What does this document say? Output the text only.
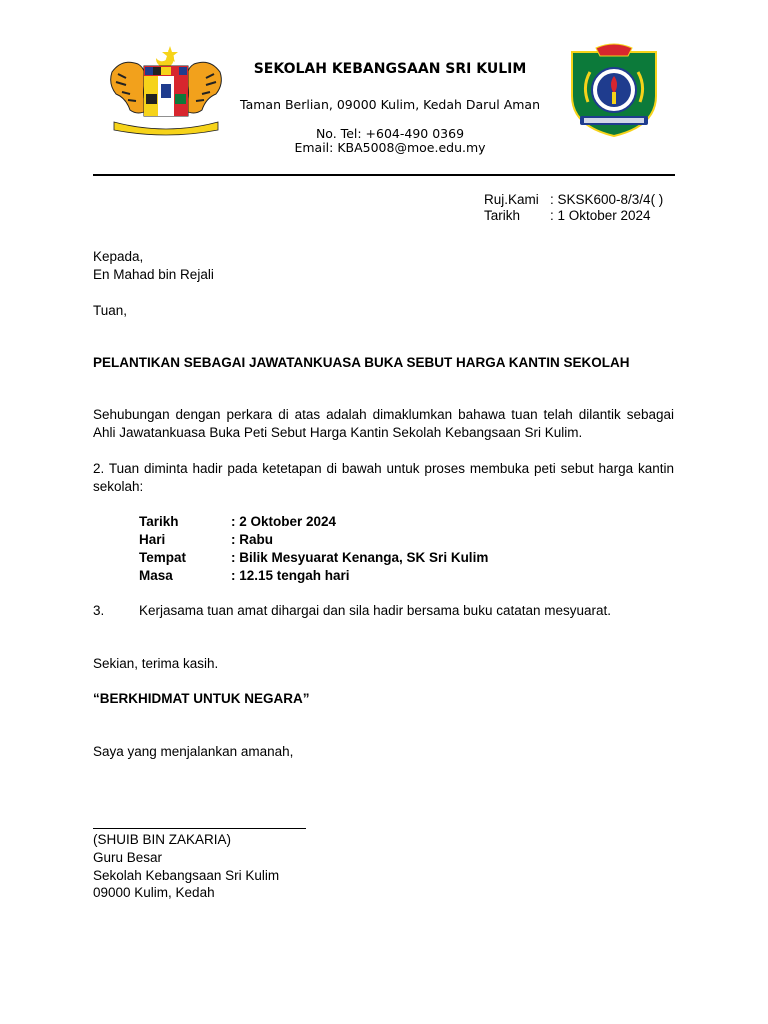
SEKOLAH KEBANGSAAN SRI KULIM
Taman Berlian, 09000 Kulim, Kedah Darul Aman
No. Tel: +604-490 0369
Email: KBA5008@moe.edu.my
Ruj.Kami : SKSK600-8/3/4( )
Tarikh : 1 Oktober 2024
Kepada,
En Mahad bin Rejali
Tuan,
PELANTIKAN SEBAGAI JAWATANKUASA BUKA SEBUT HARGA KANTIN SEKOLAH
Sehubungan dengan perkara di atas adalah dimaklumkan bahawa tuan telah dilantik sebagai Ahli Jawatankuasa Buka Peti Sebut Harga Kantin Sekolah Kebangsaan Sri Kulim.
2. Tuan diminta hadir pada ketetapan di bawah untuk proses membuka peti sebut harga kantin sekolah:
Tarikh	: 2 Oktober 2024
Hari	: Rabu
Tempat	: Bilik Mesyuarat Kenanga, SK Sri Kulim
Masa	: 12.15 tengah hari
3.	Kerjasama tuan amat dihargai dan sila hadir bersama buku catatan mesyuarat.
Sekian, terima kasih.
“BERKHIDMAT UNTUK NEGARA”
Saya yang menjalankan amanah,
(SHUIB BIN ZAKARIA)
Guru Besar
Sekolah Kebangsaan Sri Kulim
09000 Kulim, Kedah
